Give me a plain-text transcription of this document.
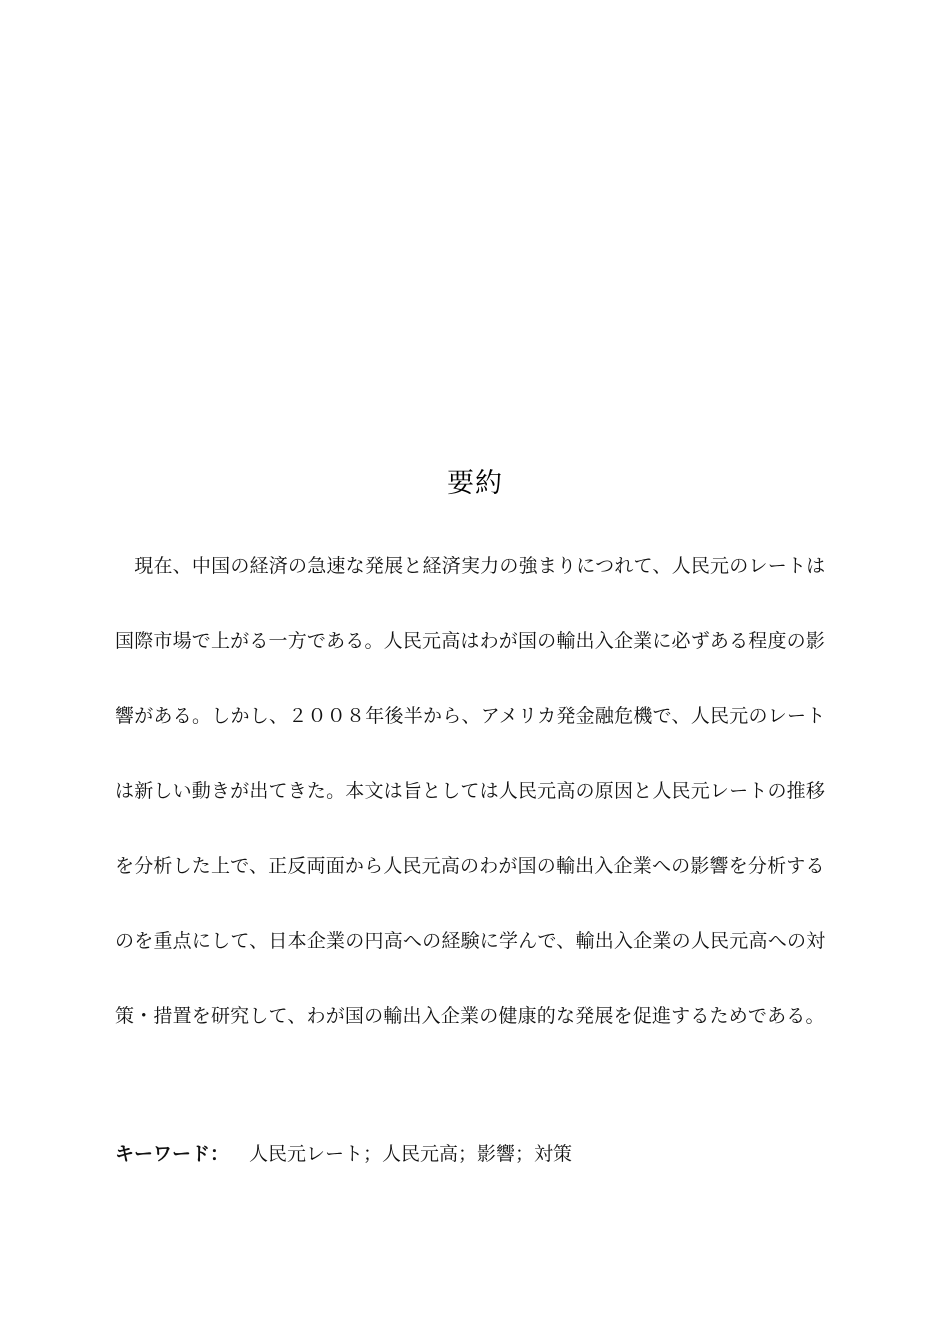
要約
　現在、中国の経済の急速な発展と経済実力の強まりにつれて、人民元のレートは
国際市場で上がる一方である。人民元高はわが国の輸出入企業に必ずある程度の影
響がある。しかし、２００８年後半から、アメリカ発金融危機で、人民元のレート
は新しい動きが出てきた。本文は旨としては人民元高の原因と人民元レートの推移
を分析した上で、正反両面から人民元高のわが国の輸出入企業への影響を分析する
のを重点にして、日本企業の円高への経験に学んで、輸出入企業の人民元高への対
策・措置を研究して、わが国の輸出入企業の健康的な発展を促進するためである。
キーワード： 人民元レート；人民元高；影響；対策
